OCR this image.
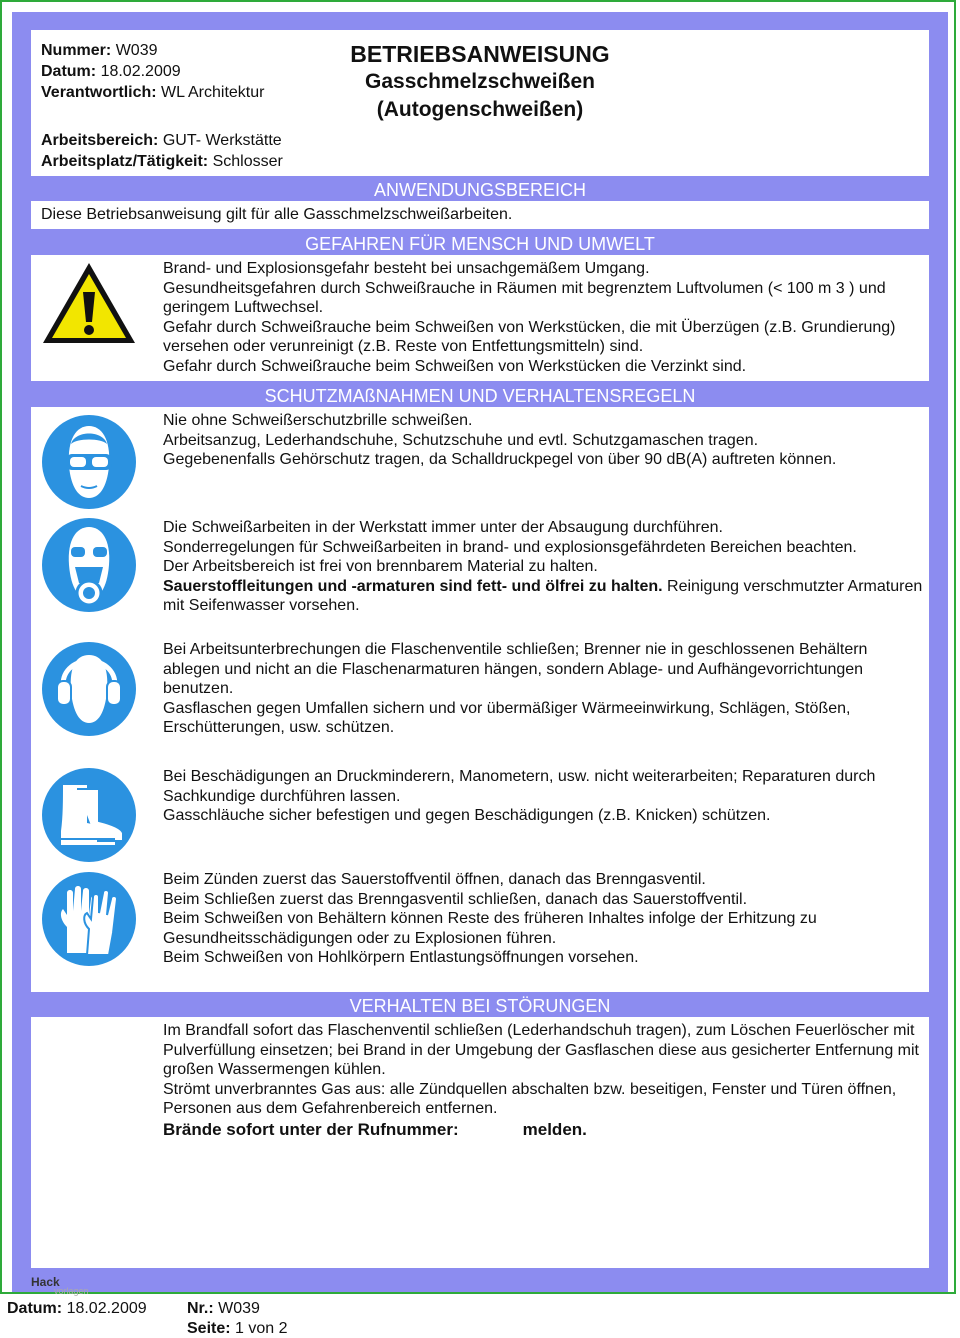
Nummer: W039
Datum: 18.02.2009
Verantwortlich: WL Architektur
Arbeitsbereich: GUT- Werkstätte
Arbeitsplatz/Tätigkeit: Schlosser
BETRIEBSANWEISUNG
Gasschmelzschweißen
(Autogenschweißen)
ANWENDUNGSBEREICH
Diese Betriebsanweisung gilt für alle Gasschmelzschweißarbeiten.
GEFAHREN FÜR MENSCH UND UMWELT

Brand- und Explosionsgefahr besteht bei unsachgemäßem Umgang.

Gesundheitsgefahren durch Schweißrauche in Räumen mit begrenztem Luftvolumen (< 100 m 3 ) und geringem Luftwechsel.

Gefahr durch Schweißrauche beim Schweißen von Werkstücken, die mit Überzügen (z.B. Grundierung) versehen oder verunreinigt (z.B. Reste von Entfettungsmitteln) sind.

Gefahr durch Schweißrauche beim Schweißen von Werkstücken die Verzinkt sind.

SCHUTZMAßNAHMEN UND VERHALTENSREGELN

Nie ohne Schweißerschutzbrille schweißen.

Arbeitsanzug, Lederhandschuhe, Schutzschuhe und evtl. Schutzgamaschen tragen.

Gegebenenfalls Gehörschutz tragen, da Schalldruckpegel von über 90 dB(A) auftreten können.

Die Schweißarbeiten in der Werkstatt immer unter der Absaugung durchführen.

Sonderregelungen für Schweißarbeiten in brand- und explosionsgefährdeten Bereichen beachten.

Der Arbeitsbereich ist frei von brennbarem Material zu halten.

Sauerstoffleitungen und -armaturen sind fett- und ölfrei zu halten. Reinigung verschmutzter Armaturen mit Seifenwasser vorsehen.

Bei Arbeitsunterbrechungen die Flaschenventile schließen; Brenner nie in geschlossenen Behältern ablegen und nicht an die Flaschenarmaturen hängen, sondern Ablage- und Aufhängevorrichtungen benutzen.

Gasflaschen gegen Umfallen sichern und vor übermäßiger Wärmeeinwirkung, Schlägen, Stößen, Erschütterungen, usw. schützen.

Bei Beschädigungen an Druckminderern, Manometern, usw. nicht weiterarbeiten; Reparaturen durch Sachkundige durchführen lassen.

Gasschläuche sicher befestigen und gegen Beschädigungen (z.B. Knicken) schützen.

Beim Zünden zuerst das Sauerstoffventil öffnen, danach das Brenngasventil.

Beim Schließen zuerst das Brenngasventil schließen, danach das Sauerstoffventil.

Beim Schweißen von Behältern können Reste des früheren Inhaltes infolge der Erhitzung zu Gesundheitsschädigungen oder zu Explosionen führen.

Beim Schweißen von Hohlkörpern Entlastungsöffnungen vorsehen.

VERHALTEN BEI STÖRUNGEN

Im Brandfall sofort das Flaschenventil schließen (Lederhandschuh tragen), zum Löschen Feuerlöscher mit Pulverfüllung einsetzen; bei Brand in der Umgebung der Gasflaschen diese aus gesicherter Entfernung mit großen Wassermengen kühlen.

Strömt unverbranntes Gas aus: alle Zündquellen abschalten bzw. beseitigen, Fenster und Türen öffnen, Personen aus dem Gefahrenbereich entfernen.

Brände sofort unter der Rufnummer:	melden.

Hack
vorlagen
Datum: 18.02.2009	Nr.: W039
Seite: 1 von 2
